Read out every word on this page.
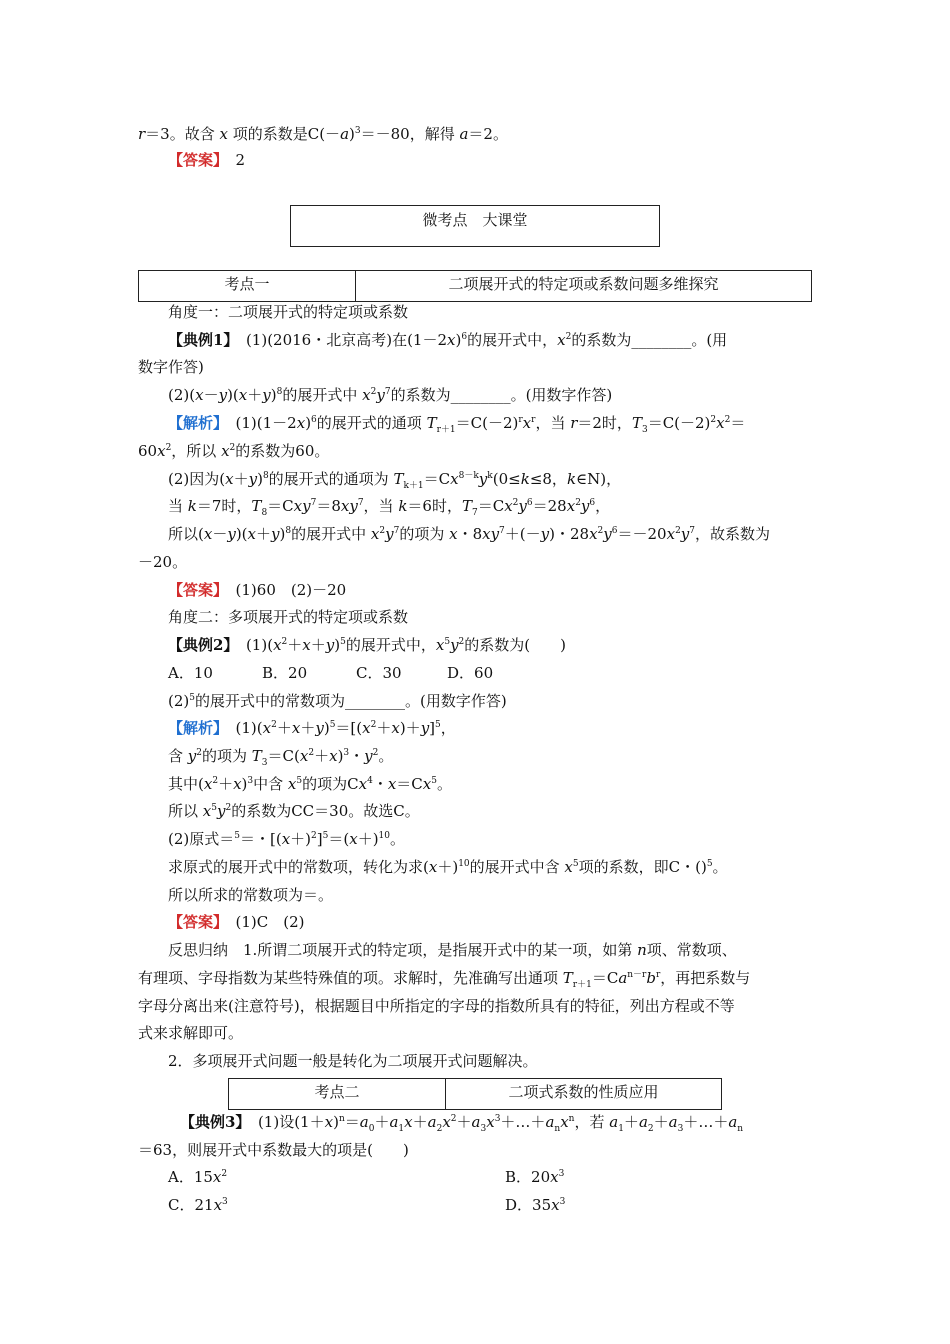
r＝3。故含 x 项的系数是$C(-a)^3=-80$，解得 a＝2。
【答案】　 2
微考点　大课堂
考点一	二项展开式的特定项或系数问题多维探究
角度一：二项展开式的特定项或系数
【典例1】　 (1)(2016・北京高考)在$(1-2x)^6$的展开式中，$x^2$的系数为________。(用
数字作答)
$(2)(x-y)(x+y)^8$的展开式中 $x^2y^7$的系数为________。(用数字作答)
【解析】　 $(1)(1-2x)^6$的展开式的通项 $T_{r+1}=C(-2)^rx^r$，当 r＝2时，$T_3=C(-2)^2x^2=$
$60x^2$，所以 $x^2$的系数为60。
(2)因为$(x+y)^8$的展开式的通项为 $T_{k+1}=Cx^{8-k}y^k(0\le k\le 8$，k∈N)，
当 k＝7时，$T_8=Cxy^7=8xy^7$，当 k＝6时，$T_7=Cx^2y^6=28x^2y^6$，
所以$(x-y)(x+y)^8$的展开式中 $x^2y^7$的项为 x・$8xy^7+(-y)$・$28x^2y^6=-20x^2y^7$，故系数为
－20。
【答案】　 (1)60　(2)－20
角度二：多项展开式的特定项或系数
【典例2】　 $(1)(x^2+x+y)^5$的展开式中，$x^5y^2$的系数为(　　)
A．10	B．20	C．30	D．60
$(2)^5$的展开式中的常数项为________。(用数字作答)
【解析】　 $(1)(x^2+x+y)^5=[(x^2+x)+y]^5$，
含 $y^2$的项为 $T_3=C(x^2+x)^3$・$y^2$。
其中$(x^2+x)^3$中含 $x^5$的项为Cx$^4$・$x=Cx^5$。
所以 $x^5y^2$的系数为CC＝30。故选C。
(2)原式＝$^5$＝・$[(x+)^2]^5=(x+)^{10}$。
求原式的展开式中的常数项，转化为求$(x+)^{10}$的展开式中含 $x^5$项的系数，即C・()$^5$。
所以所求的常数项为＝。
【答案】　 (1)C　(2)
反思归纳　1.所谓二项展开式的特定项，是指展开式中的某一项，如第 n项、常数项、
有理项、字母指数为某些特殊值的项。求解时，先准确写出通项 $T_{r+1}=Ca^{n-r}b^r$，再把系数与
字母分离出来(注意符号)，根据题目中所指定的字母的指数所具有的特征，列出方程或不等
式来求解即可。
2．多项展开式问题一般是转化为二项展开式问题解决。
考点二	二项式系数的性质应用
【典例3】　 (1)设$(1+x)^n=a_0+a_1x+a_2x^2+a_3x^3+\dots+a_nx^n$，若 $a_1+a_2+a_3+\dots+a_n$
＝63，则展开式中系数最大的项是(　　)
A．$15x^2$	B．$20x^3$
C．$21x^3$	D．$35x^3$
